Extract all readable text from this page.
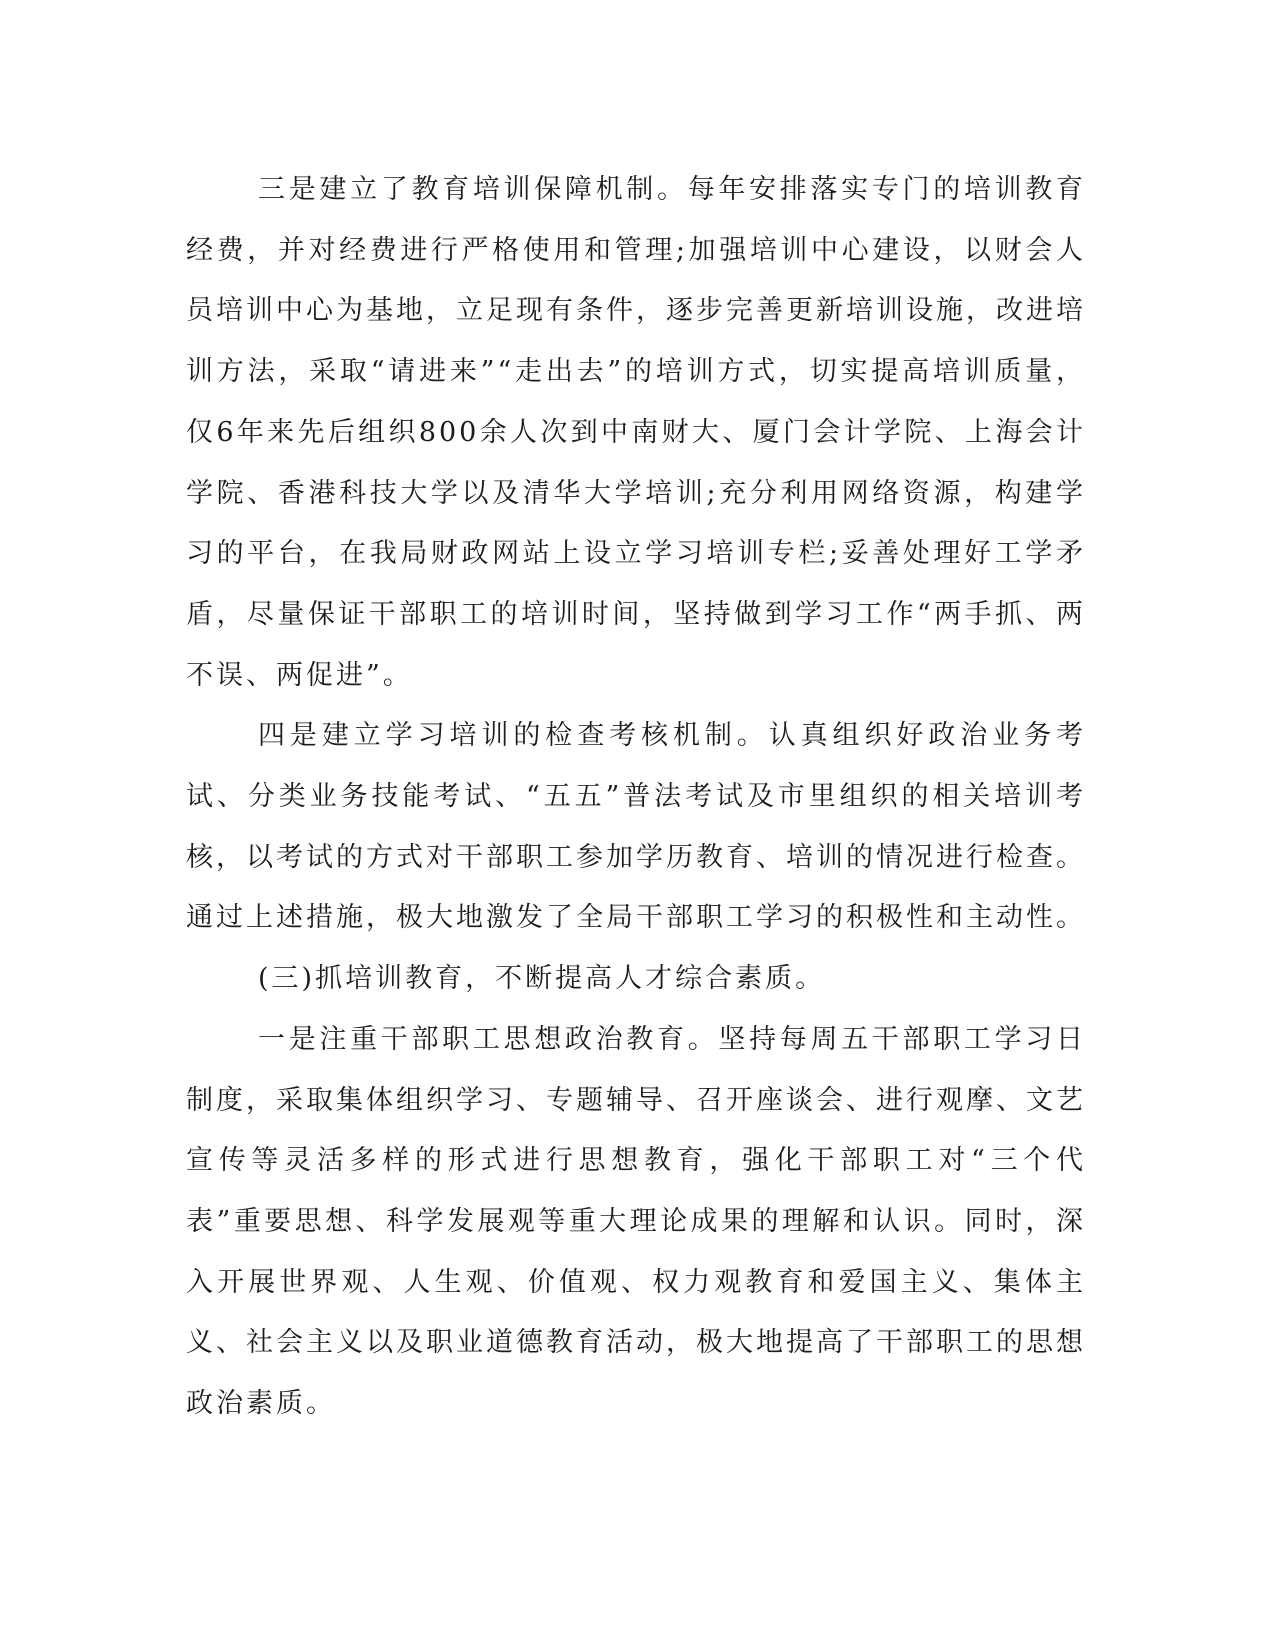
三是建立了教育培训保障机制。每年安排落实专门的培训教育经费，并对经费进行严格使用和管理;加强培训中心建设，以财会人员培训中心为基地，立足现有条件，逐步完善更新培训设施，改进培训方法，采取“请进来”“走出去”的培训方式，切实提高培训质量，仅6年来先后组织800余人次到中南财大、厦门会计学院、上海会计学院、香港科技大学以及清华大学培训;充分利用网络资源，构建学习的平台，在我局财政网站上设立学习培训专栏;妥善处理好工学矛盾，尽量保证干部职工的培训时间，坚持做到学习工作“两手抓、两不误、两促进”。

四是建立学习培训的检查考核机制。认真组织好政治业务考试、分类业务技能考试、“五五”普法考试及市里组织的相关培训考核，以考试的方式对干部职工参加学历教育、培训的情况进行检查。通过上述措施，极大地激发了全局干部职工学习的积极性和主动性。

(三)抓培训教育，不断提高人才综合素质。

一是注重干部职工思想政治教育。坚持每周五干部职工学习日制度，采取集体组织学习、专题辅导、召开座谈会、进行观摩、文艺宣传等灵活多样的形式进行思想教育，强化干部职工对“三个代表”重要思想、科学发展观等重大理论成果的理解和认识。同时，深入开展世界观、人生观、价值观、权力观教育和爱国主义、集体主义、社会主义以及职业道德教育活动，极大地提高了干部职工的思想政治素质。
